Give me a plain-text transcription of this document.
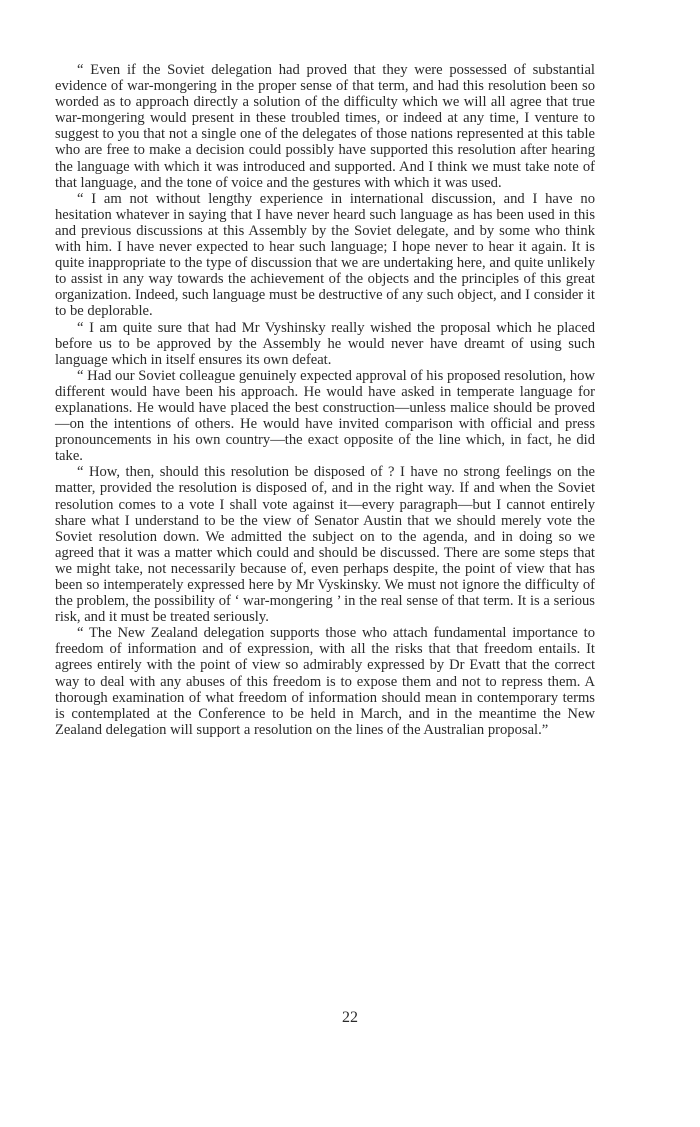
“ Even if the Soviet delegation had proved that they were possessed of substantial evidence of war-mongering in the proper sense of that term, and had this resolution been so worded as to approach directly a solution of the difficulty which we will all agree that true war-mongering would present in these troubled times, or indeed at any time, I venture to suggest to you that not a single one of the delegates of those nations represented at this table who are free to make a decision could possibly have supported this resolution after hearing the language with which it was introduced and supported. And I think we must take note of that language, and the tone of voice and the gestures with which it was used.

“ I am not without lengthy experience in international discussion, and I have no hesitation whatever in saying that I have never heard such language as has been used in this and previous discussions at this Assembly by the Soviet delegate, and by some who think with him. I have never expected to hear such language; I hope never to hear it again. It is quite inappropriate to the type of discussion that we are undertaking here, and quite unlikely to assist in any way towards the achievement of the objects and the principles of this great organization. Indeed, such language must be destructive of any such object, and I consider it to be deplorable.

“ I am quite sure that had Mr Vyshinsky really wished the proposal which he placed before us to be approved by the Assembly he would never have dreamt of using such language which in itself ensures its own defeat.

“ Had our Soviet colleague genuinely expected approval of his proposed resolution, how different would have been his approach. He would have asked in temperate language for explanations. He would have placed the best construction—unless malice should be proved—on the intentions of others. He would have invited comparison with official and press pronouncements in his own country—the exact opposite of the line which, in fact, he did take.

“ How, then, should this resolution be disposed of ? I have no strong feelings on the matter, provided the resolution is disposed of, and in the right way. If and when the Soviet resolution comes to a vote I shall vote against it—every paragraph—but I cannot entirely share what I understand to be the view of Senator Austin that we should merely vote the Soviet resolution down. We admitted the subject on to the agenda, and in doing so we agreed that it was a matter which could and should be discussed. There are some steps that we might take, not necessarily because of, even perhaps despite, the point of view that has been so intemperately expressed here by Mr Vyskinsky. We must not ignore the difficulty of the problem, the possibility of ‘ war-mongering ’ in the real sense of that term. It is a serious risk, and it must be treated seriously.

“ The New Zealand delegation supports those who attach fundamental importance to freedom of information and of expression, with all the risks that that freedom entails. It agrees entirely with the point of view so admirably expressed by Dr Evatt that the correct way to deal with any abuses of this freedom is to expose them and not to repress them. A thorough examination of what freedom of information should mean in contemporary terms is contemplated at the Conference to be held in March, and in the meantime the New Zealand delegation will support a resolution on the lines of the Australian proposal.”

22
